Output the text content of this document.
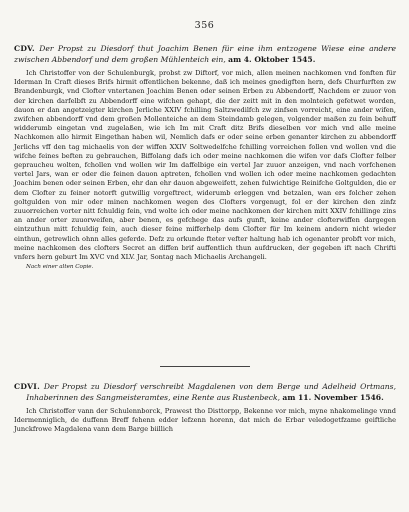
356

CDV. Der Propst zu Diesdorf thut Joachim Benen für eine ihm entzogene Wiese eine andere zwischen Abbendorf und dem großen Mühlenteich ein, am 4. Oktober 1545.

Ich Christoffer von der Schulenburgk, probst zw Diftorf, vor mich, allen meinen nachkomen vnd fonften für Iderman In Craft dieses Brifs hirmit offentlichen bekenne, daß ich meines gnedigften hern, defs Churfurften zw Brandenburgk, vnd Clofter vntertanen Joachim Benen oder seinen Erben zu Abbendorff, Nachdem er zuuor von der kirchen darfelbft zu Abbendorff eine wifchen gehapt, die der zeitt mit in den molnteich gefetwet worden, dauon er dan angetzeigter kirchen Jerliche XXIV fchilling Saltzwedilfch zw zinfsen vorreicht, eine ander wifen, zwifchen abbendorff vnd dem großen Mollenteiche an dem Steindamb gelegen, volgender maßen zu fein behuff widderumb eingetan vnd zugelaßen, wie ich Im mit Craft ditz Brifs dieselben vor mich vnd alle meine Nachkomen allo hirmit Eingethan haben wil, Nemlich dafs er oder seine erben genanter kirchen zu abbendorff Jerlichs vff den tag michaelis von der wiffen XXIV Soltwedelfche fchilling vorreichen follen vnd wollen vnd die wifche feines beften zu gebrauchen, Biffolang dafs ich oder meine nachkomen die wifen vor dafs Clofter felber gepraucheu wolten, fchollen vnd wollen wir Im daffelbige ein vertel Jar zuuor anzeigen, vnd nach vorfchenen vertel Jars, wan er oder die feinen dauon aptreten, fchollen vnd wollen ich oder meine nachkomen gedachten Joachim benen oder seinen Erben, ehr dan ehr dauon abgeweifett, zehen fulwichtige Reinifche Goltgulden, die er dem Clofter zu feiner notorft gutwillig vorgeftrect, widerumb erleggen vnd betzalen, wan ers folcher zehen goltgulden von mir oder minen nachkomen wegen des Clofters vorgenugt, fol er der kirchen den zinfz zuuorreichen vorter nitt fchuldig fein, vnd wolte ich oder meine nachkomen der kirchen mitt XXIV fchillinge zins an ander orter zuuorweifen, aber benen, es gefchege das aufs gunft, keine ander clofterwiffen dargegen eintzuthun mitt fchuldig fein, auch dieser feine mifferhelp dem Clofter für Im keinem andern nicht wieder einthun, getrewlich ohnn alles geferde. Defz zu orkunde fteter vefter haltung hab ich ogenanter probft vor mich, meine nachkomen des clofters Secret an diffen brif auffentlich thun aufdrucken, der gegeben ift nach Chrifti vnfers hern geburt Im XVC vnd XLV. Jar, Sontag nach Michaelis Archangeli.

Nach einer alten Copie.

CDVI. Der Propst zu Diesdorf verschreibt Magdalenen von dem Berge und Adelheid Ortmans, Inhaberinnen des Sangmeisteramtes, eine Rente aus Rustenbeck, am 11. November 1546.

Ich Christoffer vann der Schulennborck, Prawest tho Disttorpp, Bekenne vor mich, myne nhakomelinge vnnd Idermenniglich, de duffenn Breff fehenn edder lefzenn horenn, dat mich de Erbar veledogetfzame geiftliche Junckfrowe Magdalena vann dem Barge biillich
